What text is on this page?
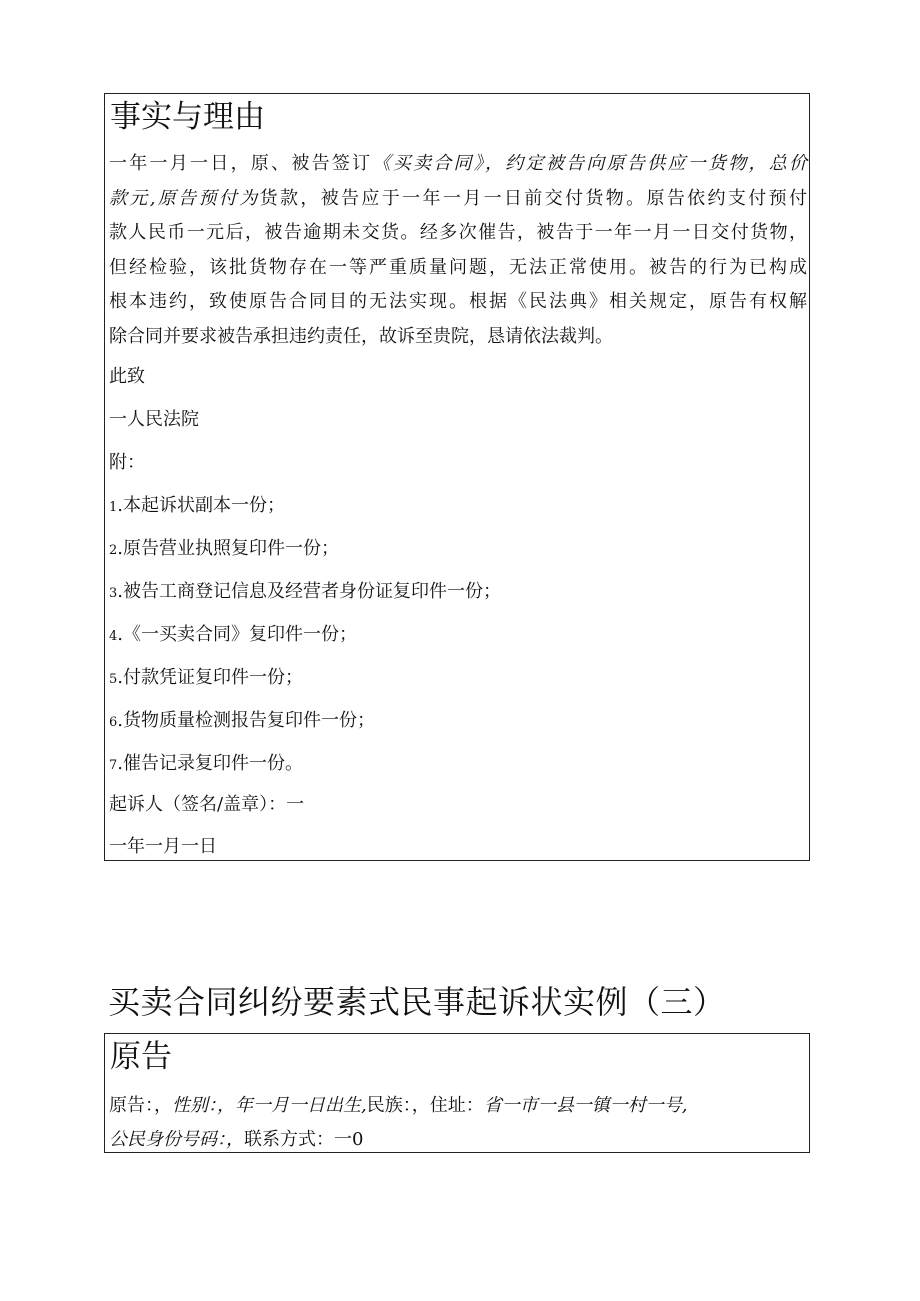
事实与理由

一年一月一日，原、被告签订《买卖合同》，约定被告向原告供应一货物，总价

款元,原告预付为货款，被告应于一年一月一日前交付货物。原告依约支付预付

款人民币一元后，被告逾期未交货。经多次催告，被告于一年一月一日交付货物，

但经检验，该批货物存在一等严重质量问题，无法正常使用。被告的行为已构成

根本违约，致使原告合同目的无法实现。根据《民法典》相关规定，原告有权解

除合同并要求被告承担违约责任，故诉至贵院，恳请依法裁判。

此致

一人民法院

附：

1.本起诉状副本一份；

2.原告营业执照复印件一份；

3.被告工商登记信息及经营者身份证复印件一份；

4.《一买卖合同》复印件一份；

5.付款凭证复印件一份；

6.货物质量检测报告复印件一份；

7.催告记录复印件一份。

起诉人（签名/盖章）：一

一年一月一日

买卖合同纠纷要素式民事起诉状实例（三）
原告

原告：，性别：，年一月一日出生,民族：，住址：省一市一县一镇一村一号,

公民身份号码：，联系方式：一0
